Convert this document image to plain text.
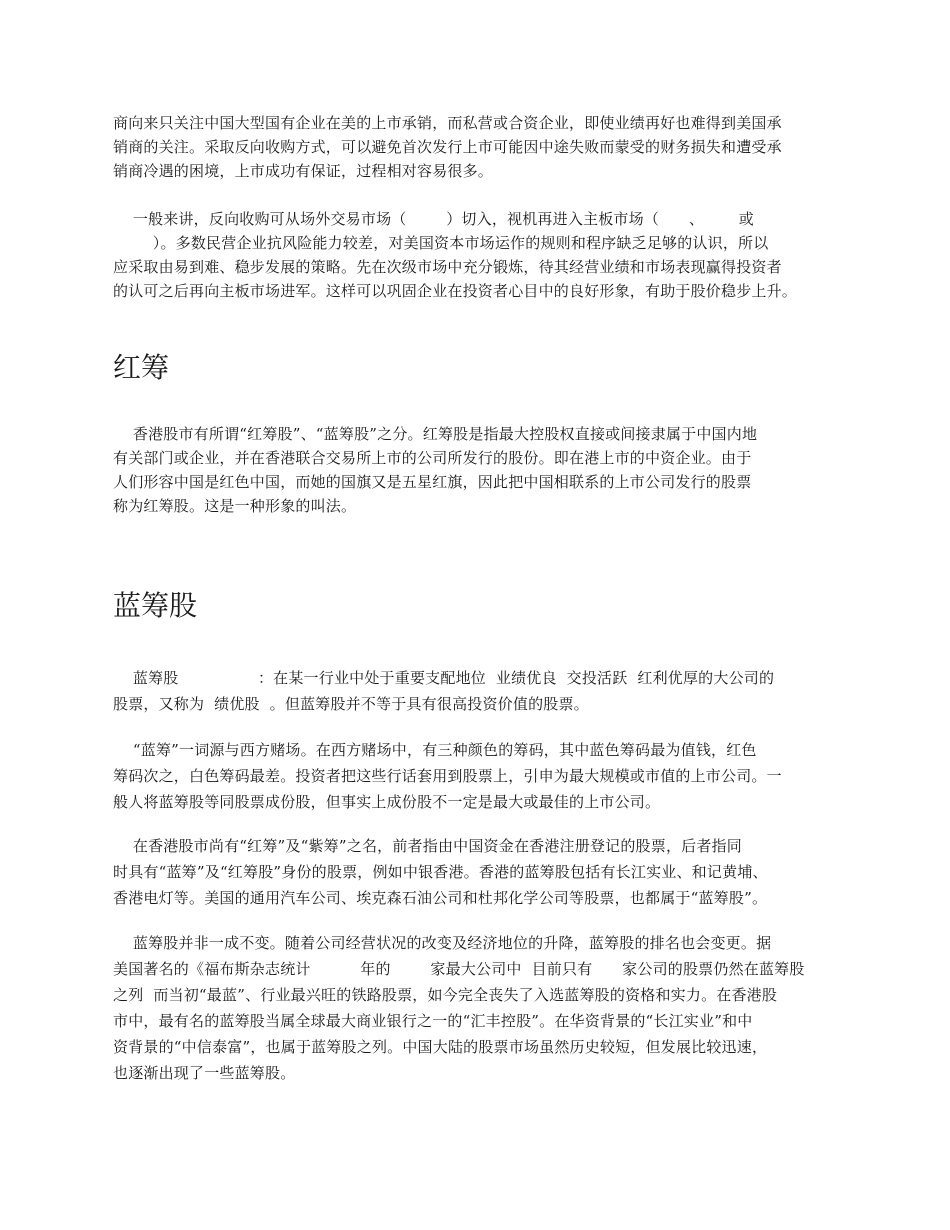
商向来只关注中国大型国有企业在美的上市承销，而私营或合资企业，即使业绩再好也难得到美国承
销商的关注。采取反向收购方式，可以避免首次发行上市可能因中途失败而蒙受的财务损失和遭受承
销商冷遇的困境，上市成功有保证，过程相对容易很多。
一般来讲，反向收购可从场外交易市场（        ）切入，视机再进入主板市场（      、       或
）。多数民营企业抗风险能力较差，对美国资本市场运作的规则和程序缺乏足够的认识，所以
应采取由易到难、稳步发展的策略。先在次级市场中充分锻炼，待其经营业绩和市场表现赢得投资者
的认可之后再向主板市场进军。这样可以巩固企业在投资者心目中的良好形象，有助于股价稳步上升。
红筹
香港股市有所谓“红筹股”、“蓝筹股”之分。红筹股是指最大控股权直接或间接隶属于中国内地
有关部门或企业，并在香港联合交易所上市的公司所发行的股份。即在港上市的中资企业。由于
人们形容中国是红色中国，而她的国旗又是五星红旗，因此把中国相联系的上市公司发行的股票
称为红筹股。这是一种形象的叫法。
蓝筹股
蓝筹股                ：在某一行业中处于重要支配地位  业绩优良  交投活跃  红利优厚的大公司的
股票，又称为  绩优股  。但蓝筹股并不等于具有很高投资价值的股票。
“蓝筹”一词源与西方赌场。在西方赌场中，有三种颜色的筹码，其中蓝色筹码最为值钱，红色
筹码次之，白色筹码最差。投资者把这些行话套用到股票上，引申为最大规模或市值的上市公司。一
般人将蓝筹股等同股票成份股，但事实上成份股不一定是最大或最佳的上市公司。
在香港股市尚有“红筹”及“紫筹”之名，前者指由中国资金在香港注册登记的股票，后者指同
时具有“蓝筹”及“红筹股”身份的股票，例如中银香港。香港的蓝筹股包括有长江实业、和记黄埔、
香港电灯等。美国的通用汽车公司、埃克森石油公司和杜邦化学公司等股票，也都属于“蓝筹股”。
蓝筹股并非一成不变。随着公司经营状况的改变及经济地位的升降，蓝筹股的排名也会变更。据
美国著名的《福布斯杂志统计          年的        家最大公司中  目前只有      家公司的股票仍然在蓝筹股
之列  而当初“最蓝”、行业最兴旺的铁路股票，如今完全丧失了入选蓝筹股的资格和实力。在香港股
市中，最有名的蓝筹股当属全球最大商业银行之一的“汇丰控股”。在华资背景的“长江实业”和中
资背景的“中信泰富”，也属于蓝筹股之列。中国大陆的股票市场虽然历史较短，但发展比较迅速，
也逐渐出现了一些蓝筹股。
